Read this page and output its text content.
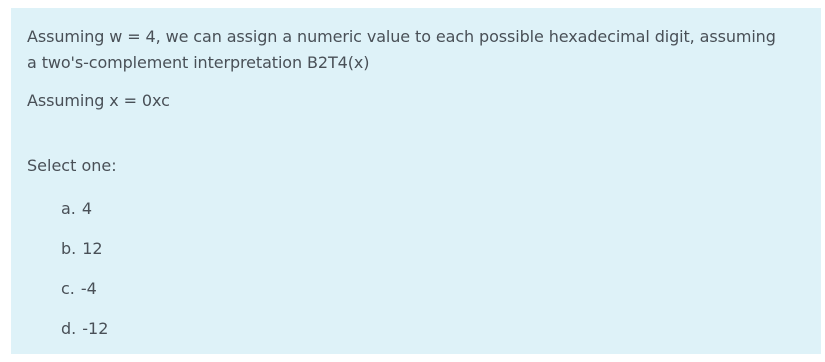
Assuming w = 4, we can assign a numeric value to each possible hexadecimal digit, assuming
a two's-complement interpretation B2T4(x)

Assuming x = 0xc

Select one:
a. 4
b. 12
c. -4
d. -12
